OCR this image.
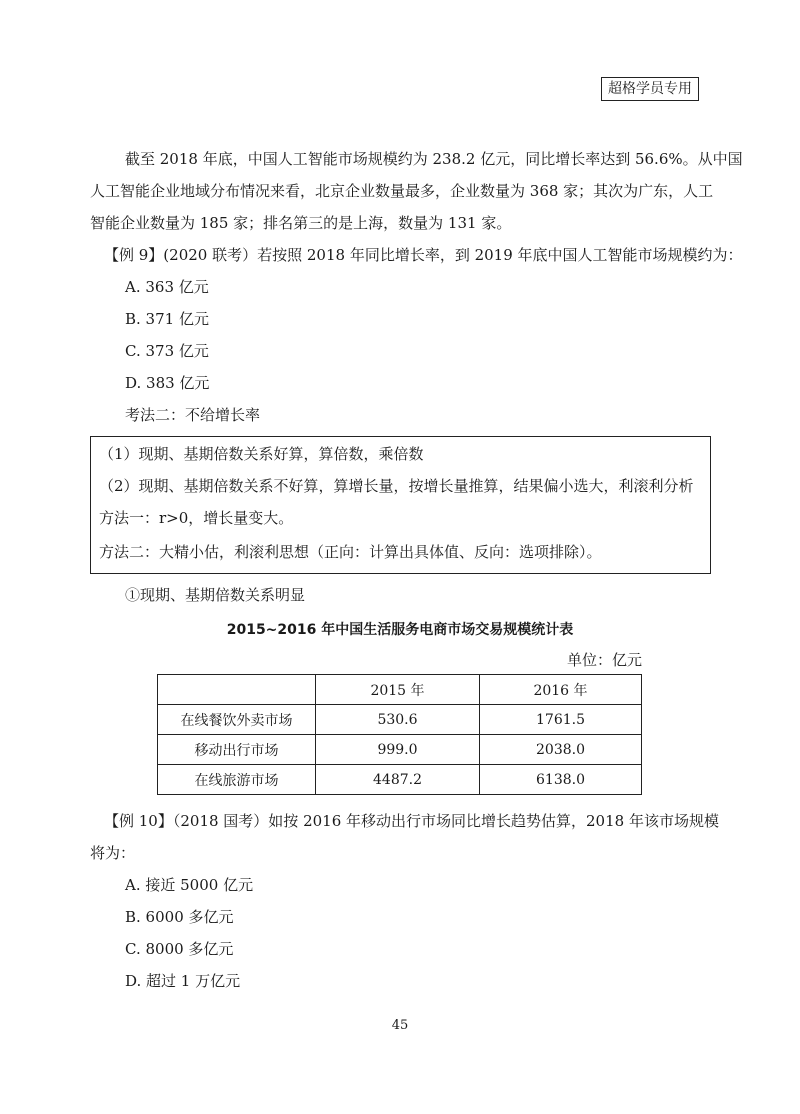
超格学员专用
截至 2018 年底，中国人工智能市场规模约为 238.2 亿元，同比增长率达到 56.6%。从中国
人工智能企业地域分布情况来看，北京企业数量最多，企业数量为 368 家；其次为广东，人工
智能企业数量为 185 家；排名第三的是上海，数量为 131 家。
【例 9】(2020 联考）若按照 2018 年同比增长率，到 2019 年底中国人工智能市场规模约为：
A. 363 亿元
B. 371 亿元
C. 373 亿元
D. 383 亿元
考法二：不给增长率
（1）现期、基期倍数关系好算，算倍数，乘倍数
（2）现期、基期倍数关系不好算，算增长量，按增长量推算，结果偏小选大，利滚利分析
方法一：r>0，增长量变大。
方法二：大精小估，利滚利思想（正向：计算出具体值、反向：选项排除）。
①现期、基期倍数关系明显
2015~2016 年中国生活服务电商市场交易规模统计表
单位：亿元
	2015 年	2016 年
在线餐饮外卖市场	530.6	1761.5
移动出行市场	999.0	2038.0
在线旅游市场	4487.2	6138.0
【例 10】（2018 国考）如按 2016 年移动出行市场同比增长趋势估算，2018 年该市场规模
将为：
A. 接近 5000 亿元
B. 6000 多亿元
C. 8000 多亿元
D. 超过 1 万亿元
45
